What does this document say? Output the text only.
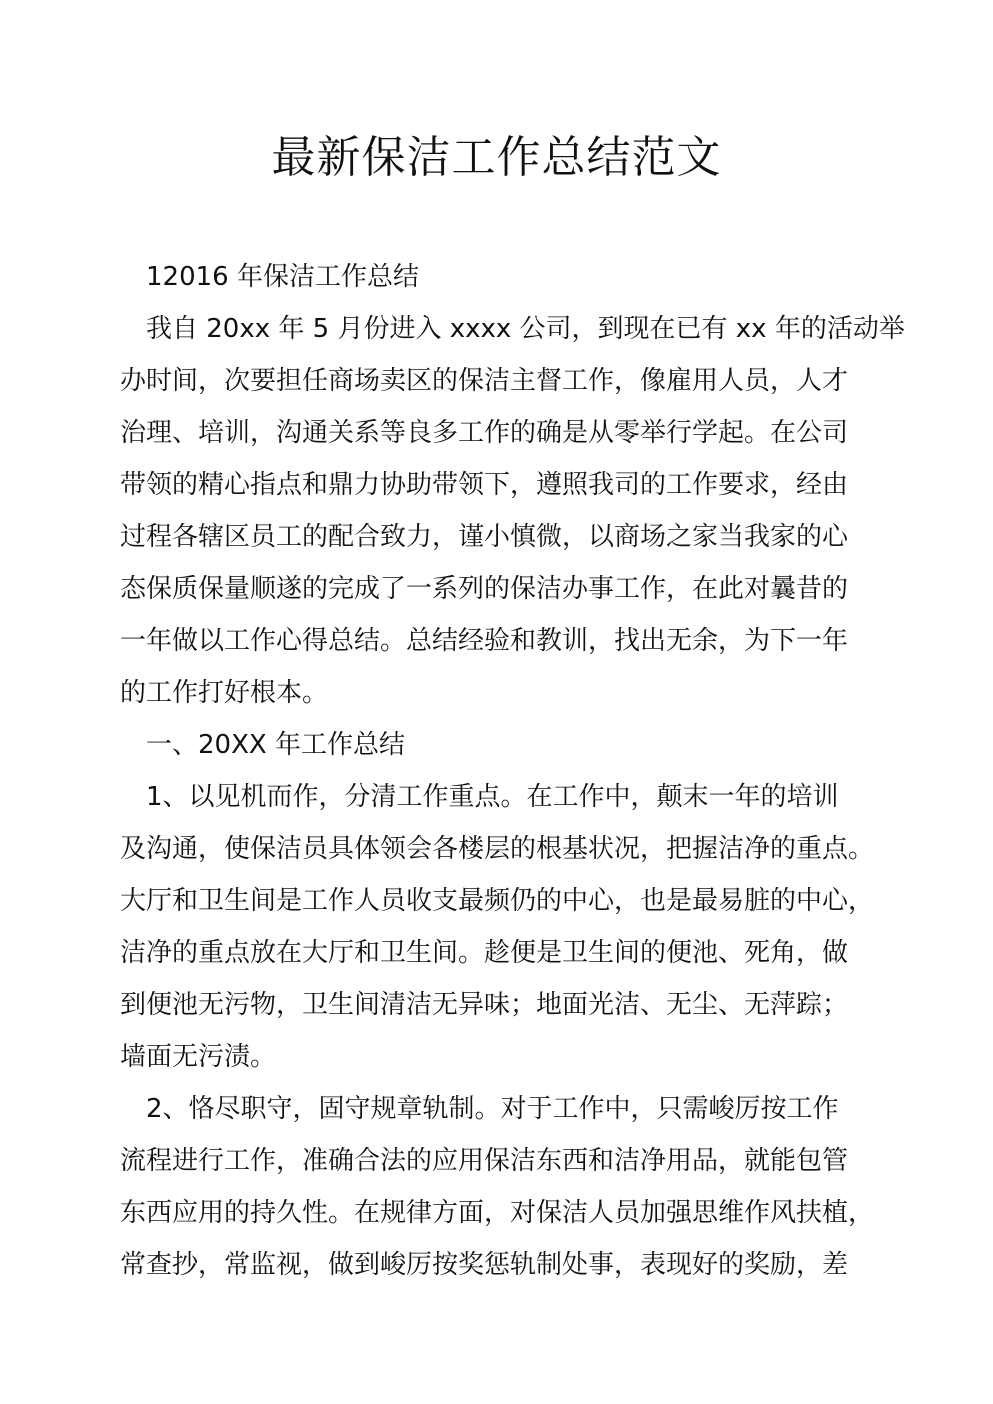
最新保洁工作总结范文

12016 年保洁工作总结

我自 20xx 年 5 月份进入 xxxx 公司，到现在已有 xx 年的活动举

办时间，次要担任商场卖区的保洁主督工作，像雇用人员，人才

治理、培训，沟通关系等良多工作的确是从零举行学起。在公司

带领的精心指点和鼎力协助带领下，遵照我司的工作要求，经由

过程各辖区员工的配合致力，谨小慎微，以商场之家当我家的心

态保质保量顺遂的完成了一系列的保洁办事工作，在此对曩昔的

一年做以工作心得总结。总结经验和教训，找出无余，为下一年

的工作打好根本。

一、20XX 年工作总结

1、以见机而作，分清工作重点。在工作中，颠末一年的培训

及沟通，使保洁员具体领会各楼层的根基状况，把握洁净的重点。

大厅和卫生间是工作人员收支最频仍的中心，也是最易脏的中心，

洁净的重点放在大厅和卫生间。趁便是卫生间的便池、死角，做

到便池无污物，卫生间清洁无异味；地面光洁、无尘、无萍踪；

墙面无污渍。

2、恪尽职守，固守规章轨制。对于工作中，只需峻厉按工作

流程进行工作，准确合法的应用保洁东西和洁净用品，就能包管

东西应用的持久性。在规律方面，对保洁人员加强思维作风扶植，

常查抄，常监视，做到峻厉按奖惩轨制处事，表现好的奖励，差
